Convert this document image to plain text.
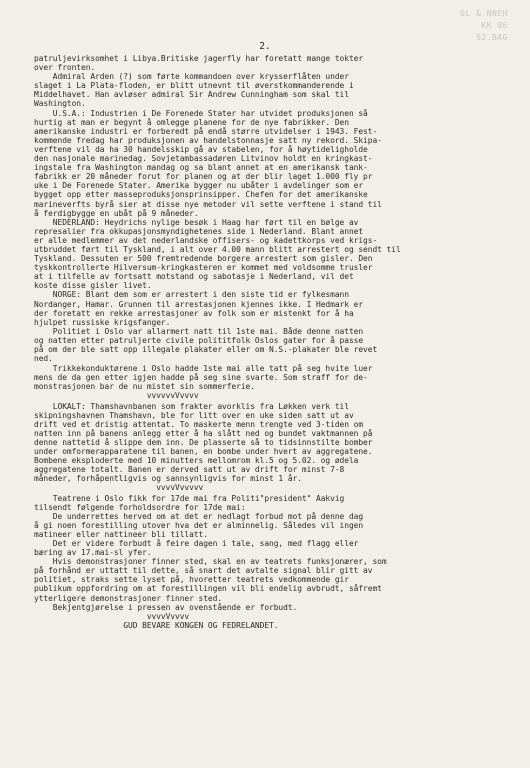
OL & NNEH
KK 86
52.BAG
2.
patruljevirksomhet i Libya.Britiske jagerfly har foretatt mange tokter
over fronten.
Admiral Arden (?) som førte kommandoen over krysserflåten under
slaget i La Plata-floden, er blitt utnevnt til øverstkommanderende i
Middelhavet. Han avløser admiral Sir Andrew Cunningham som skal til
Washington.
U.S.A.: Industrien i De Forenede Stater har utvidet produksjonen så
hurtig at man er begynt å omlegge planene for de nye fabrikker. Den
amerikanske industri er forberedt på endå større utvidelser i 1943. Fest-
kommende fredag har produksjonen av handelstonnasje satt ny rekord. Skipa-
verftene vil da ha 30 handelsskip gå av stabelen, for å høytideligholde
den nasjonale marinedag. Sovjetambassadøren Litvinov holdt en kringkast-
ingstale fra Washington mandag og sa blant annet at en amerikansk tank-
fabrikk er 20 måneder forut for planen og at der blir laget 1.000 fly pr
uke i De Forenede Stater. Amerika bygger nu ubåter i avdelinger som er
bygget opp etter masseproduksjonsprinsipper. Chefen for det amerikanske
marineverfts byrå sier at disse nye metoder vil sette verftene i stand til
å ferdigbygge en ubåt på 9 måneder.
NEDERLAND: Heydrichs nylige besøk i Haag har ført til en bølge av
represalier fra okkupasjonsmyndighetenes side i Nederland. Blant annet
er alle medlemmer av det nederlandske offisers- og kadettkorps ved krigs-
utbruddet ført til Tyskland, i alt over 4.00 mann blitt arrestert og sendt til
Tyskland. Dessuten er 500 fremtredende borgere arrestert som gisler. Den
tyskkontrollerte Hilversum-kringkasteren er kommet med voldsomme trusler
at i tilfelle av fortsatt motstand og sabotasje i Nederland, vil det
koste disse gisler livet.
NORGE: Blant dem som er arrestert i den siste tid er fylkesmann
Nordanger, Hamar. Grunnen til arrestasjonen kjennes ikke. I Hedmark er
der foretatt en rekke arrestasjoner av folk som er mistenkt for å ha
hjulpet russiske krigsfanger.
Politiet i Oslo var allarmert natt til 1ste mai. Både denne natten
og natten etter patruljerte civile polititfolk Oslos gater for å passe
på om der ble satt opp illegale plakater eller om N.S.-plakater ble revet
ned.
Trikkekonduktørene i Oslo hadde 1ste mai alle tatt på seg hvite luer
mens de da gen etter igjen hadde på seg sine svarte. Som straff for de-
monstrasjonen bar de nu mistet sin sommerferie.
vvvvvvVvvvv
LOKALT: Thamshavnbanen som frakter avorklis fra Løkken verk til
skipningshavnen Thamshavn, ble for litt over en uke siden satt ut av
drift ved et dristig attentat. To maskerte menn trengte ved 3-tiden om
natten inn på banens anlegg etter å ha slått ned og bundet vaktmannen på
denne nattetid å slippe dem inn. De plasserte så to tidsinnstilte bomber
under omformerapparatene til banen, en bombe under hvert av aggregatene.
Bombene eksploderte med 10 minutters mellomrom kl.5 og 5.02. og ødela
aggregatene totalt. Banen er derved satt ut av drift for minst 7-8
måneder, forhåpentligvis og sannsynligvis for minst 1 år.
vvvvVvvvvv
Teatrene i Oslo fikk for 17de mai fra Politi"president" Aakvig
tilsendt følgende forholdsordre for 17de mai:
De underrettes herved om at det er nedlagt forbud mot på denne dag
å gi noen forestilling utover hva det er alminnelig. Således vil ingen
matineer eller nattineer bli tillatt.
Det er videre forbudt å feire dagen i tale, sang, med flagg eller
bæring av 17.mai-sl yfer.
Hvis demonstrasjoner finner sted, skal en av teatrets funksjonærer, som
på forhånd er uttatt til dette, så snart det avtalte signal blir gitt av
politiet, straks sette lyset på, hvoretter teatrets vedkommende gir
publikum oppfordring om at forestillingen vil bli endelig avbrudt, såfremt
ytterligere demonstrasjoner finner sted.
Bekjentgjørelse i pressen av ovenstående er forbudt.
vvvvVvvvv
GUD BEVARE KONGEN OG FEDRELANDET.
